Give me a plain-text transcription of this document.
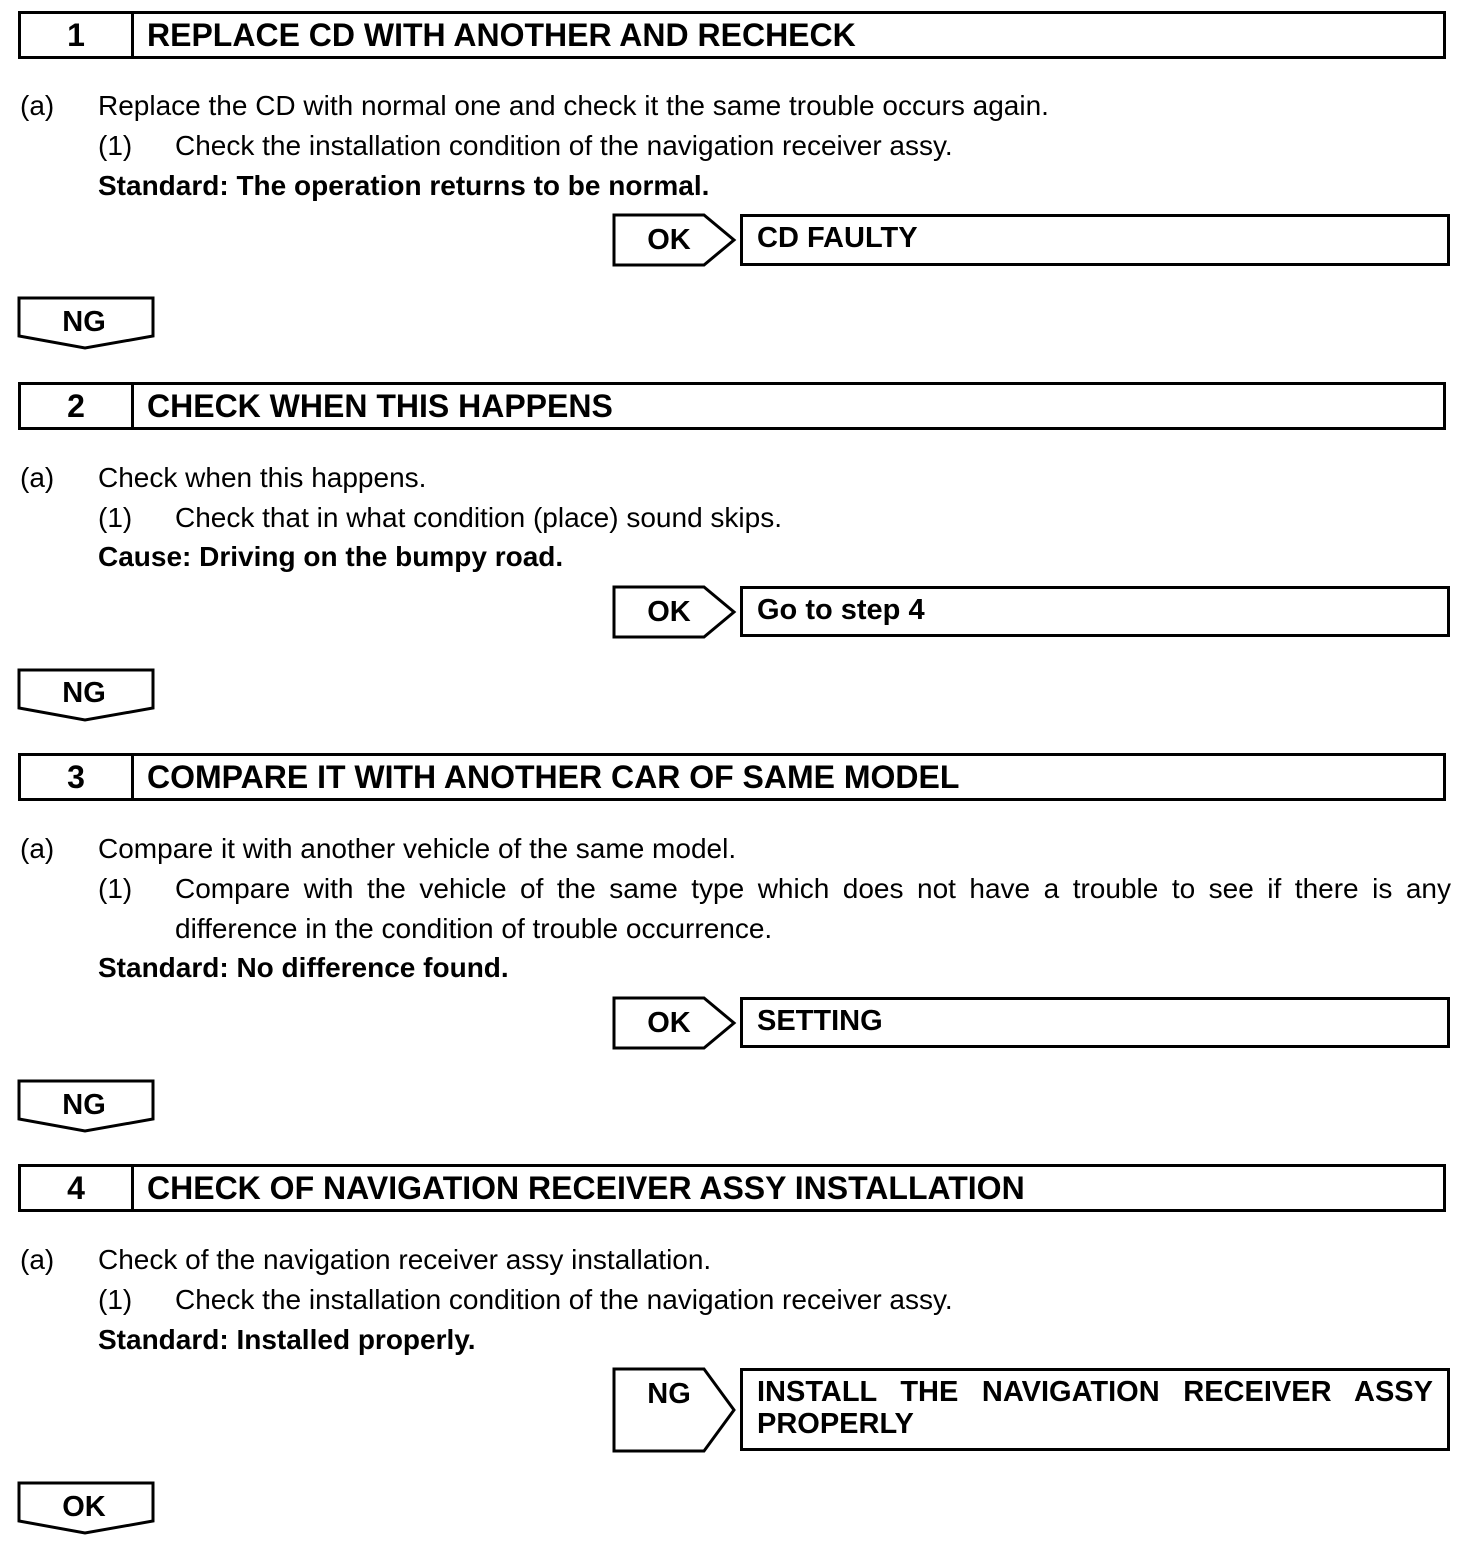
1	REPLACE CD WITH ANOTHER AND RECHECK
(a) Replace the CD with normal one and check it the same trouble occurs again.
(1) Check the installation condition of the navigation receiver assy.
Standard: The operation returns to be normal.
OK	CD FAULTY
NG
2	CHECK WHEN THIS HAPPENS
(a) Check when this happens.
(1) Check that in what condition (place) sound skips.
Cause: Driving on the bumpy road.
OK	Go to step 4
NG
3	COMPARE IT WITH ANOTHER CAR OF SAME MODEL
(a) Compare it with another vehicle of the same model.
(1) Compare with the vehicle of the same type which does not have a trouble to see if there is any
difference in the condition of trouble occurrence.
Standard: No difference found.
OK	SETTING
NG
4	CHECK OF NAVIGATION RECEIVER ASSY INSTALLATION
(a) Check of the navigation receiver assy installation.
(1) Check the installation condition of the navigation receiver assy.
Standard: Installed properly.
NG	INSTALL THE NAVIGATION RECEIVER ASSY
PROPERLY
OK
